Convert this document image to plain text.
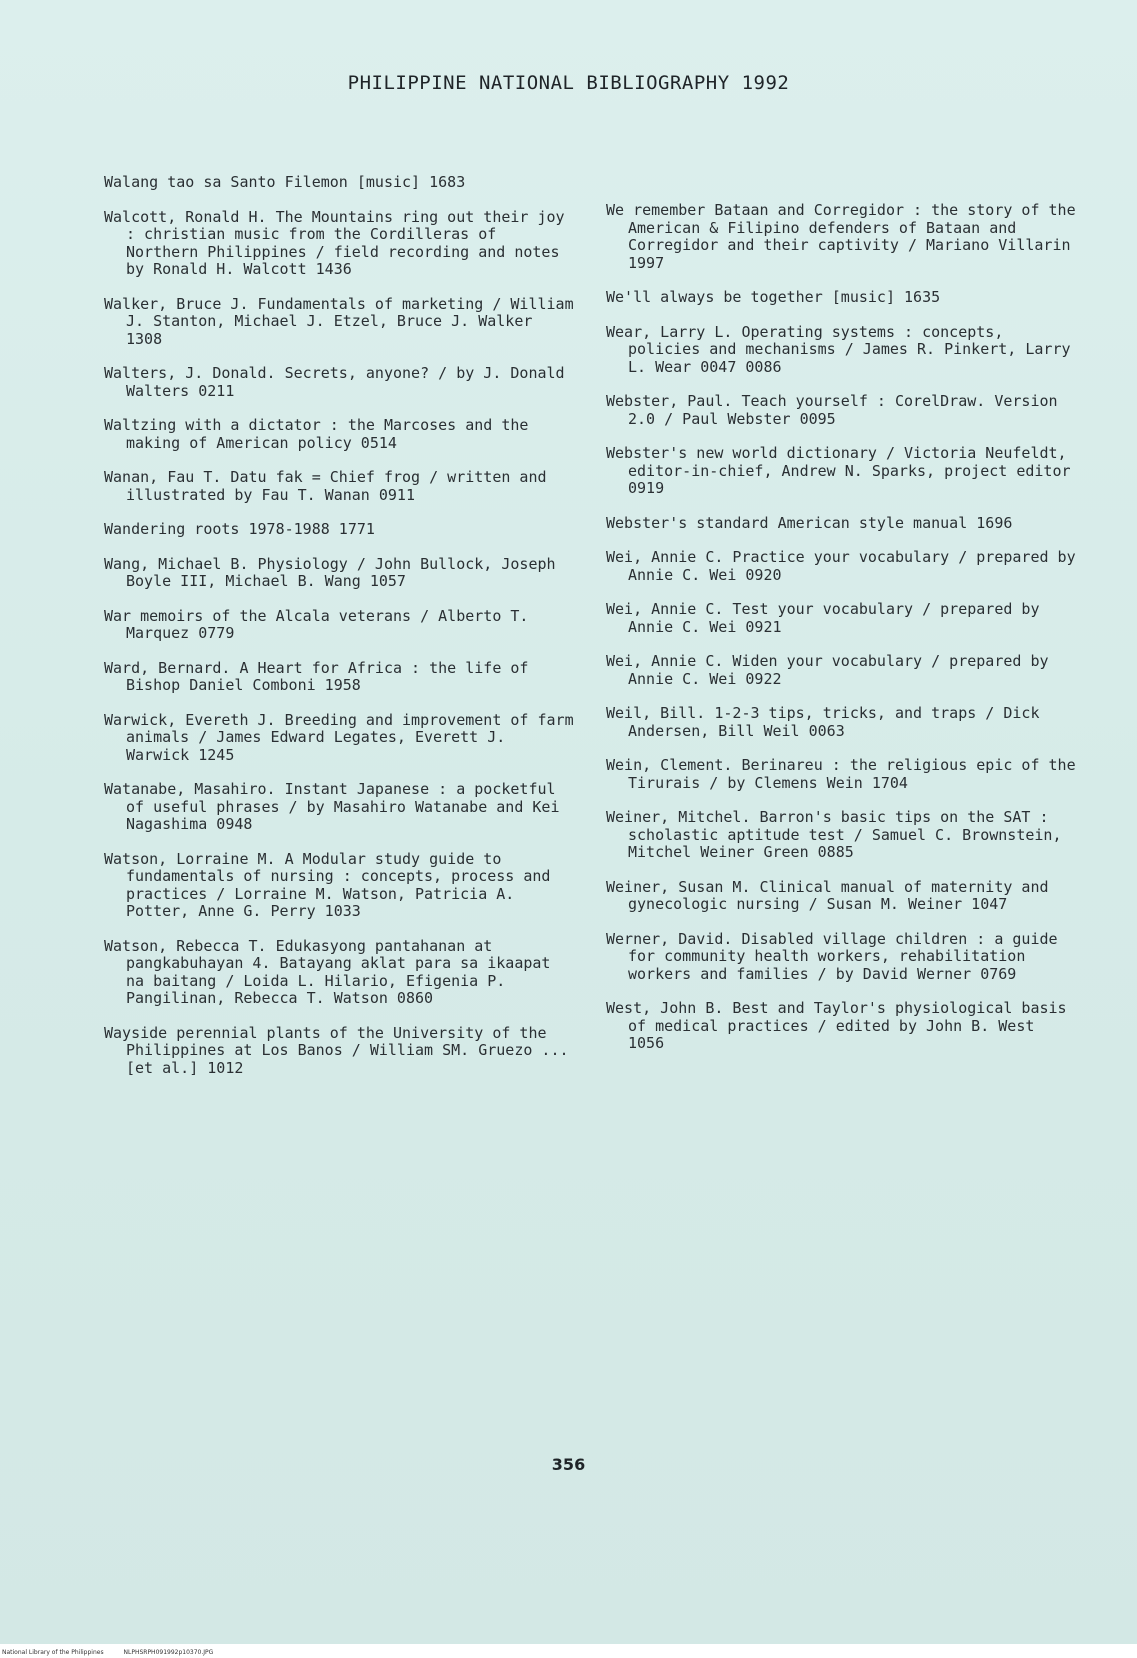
PHILIPPINE NATIONAL BIBLIOGRAPHY 1992
Walang tao sa Santo Filemon [music] 1683
Walcott, Ronald H. The Mountains ring out their joy : christian music from the Cordilleras of Northern Philippines / field recording and notes by Ronald H. Walcott 1436
Walker, Bruce J. Fundamentals of marketing / William J. Stanton, Michael J. Etzel, Bruce J. Walker 1308
Walters, J. Donald. Secrets, anyone? / by J. Donald Walters 0211
Waltzing with a dictator : the Marcoses and the making of American policy 0514
Wanan, Fau T. Datu fak = Chief frog / written and illustrated by Fau T. Wanan 0911
Wandering roots 1978-1988 1771
Wang, Michael B. Physiology / John Bullock, Joseph Boyle III, Michael B. Wang 1057
War memoirs of the Alcala veterans / Alberto T. Marquez 0779
Ward, Bernard. A Heart for Africa : the life of Bishop Daniel Comboni 1958
Warwick, Evereth J. Breeding and improvement of farm animals / James Edward Legates, Everett J. Warwick 1245
Watanabe, Masahiro. Instant Japanese : a pocketful of useful phrases / by Masahiro Watanabe and Kei Nagashima 0948
Watson, Lorraine M. A Modular study guide to fundamentals of nursing : concepts, process and practices / Lorraine M. Watson, Patricia A. Potter, Anne G. Perry 1033
Watson, Rebecca T. Edukasyong pantahanan at pangkabuhayan 4. Batayang aklat para sa ikaapat na baitang / Loida L. Hilario, Efigenia P. Pangilinan, Rebecca T. Watson 0860
Wayside perennial plants of the University of the Philippines at Los Banos / William SM. Gruezo ... [et al.] 1012
We remember Bataan and Corregidor : the story of the American & Filipino defenders of Bataan and Corregidor and their captivity / Mariano Villarin 1997
We'll always be together [music] 1635
Wear, Larry L. Operating systems : concepts, policies and mechanisms / James R. Pinkert, Larry L. Wear 0047 0086
Webster, Paul. Teach yourself : CorelDraw. Version 2.0 / Paul Webster 0095
Webster's new world dictionary / Victoria Neufeldt, editor-in-chief, Andrew N. Sparks, project editor 0919
Webster's standard American style manual 1696
Wei, Annie C. Practice your vocabulary / prepared by Annie C. Wei 0920
Wei, Annie C. Test your vocabulary / prepared by Annie C. Wei 0921
Wei, Annie C. Widen your vocabulary / prepared by Annie C. Wei 0922
Weil, Bill. 1-2-3 tips, tricks, and traps / Dick Andersen, Bill Weil 0063
Wein, Clement. Berinareu : the religious epic of the Tirurais / by Clemens Wein 1704
Weiner, Mitchel. Barron's basic tips on the SAT : scholastic aptitude test / Samuel C. Brownstein, Mitchel Weiner Green 0885
Weiner, Susan M. Clinical manual of maternity and gynecologic nursing / Susan M. Weiner 1047
Werner, David. Disabled village children : a guide for community health workers, rehabilitation workers and families / by David Werner 0769
West, John B. Best and Taylor's physiological basis of medical practices / edited by John B. West 1056
356
National Library of the Philippines	NLPHSRPH091992p10370.JPG
